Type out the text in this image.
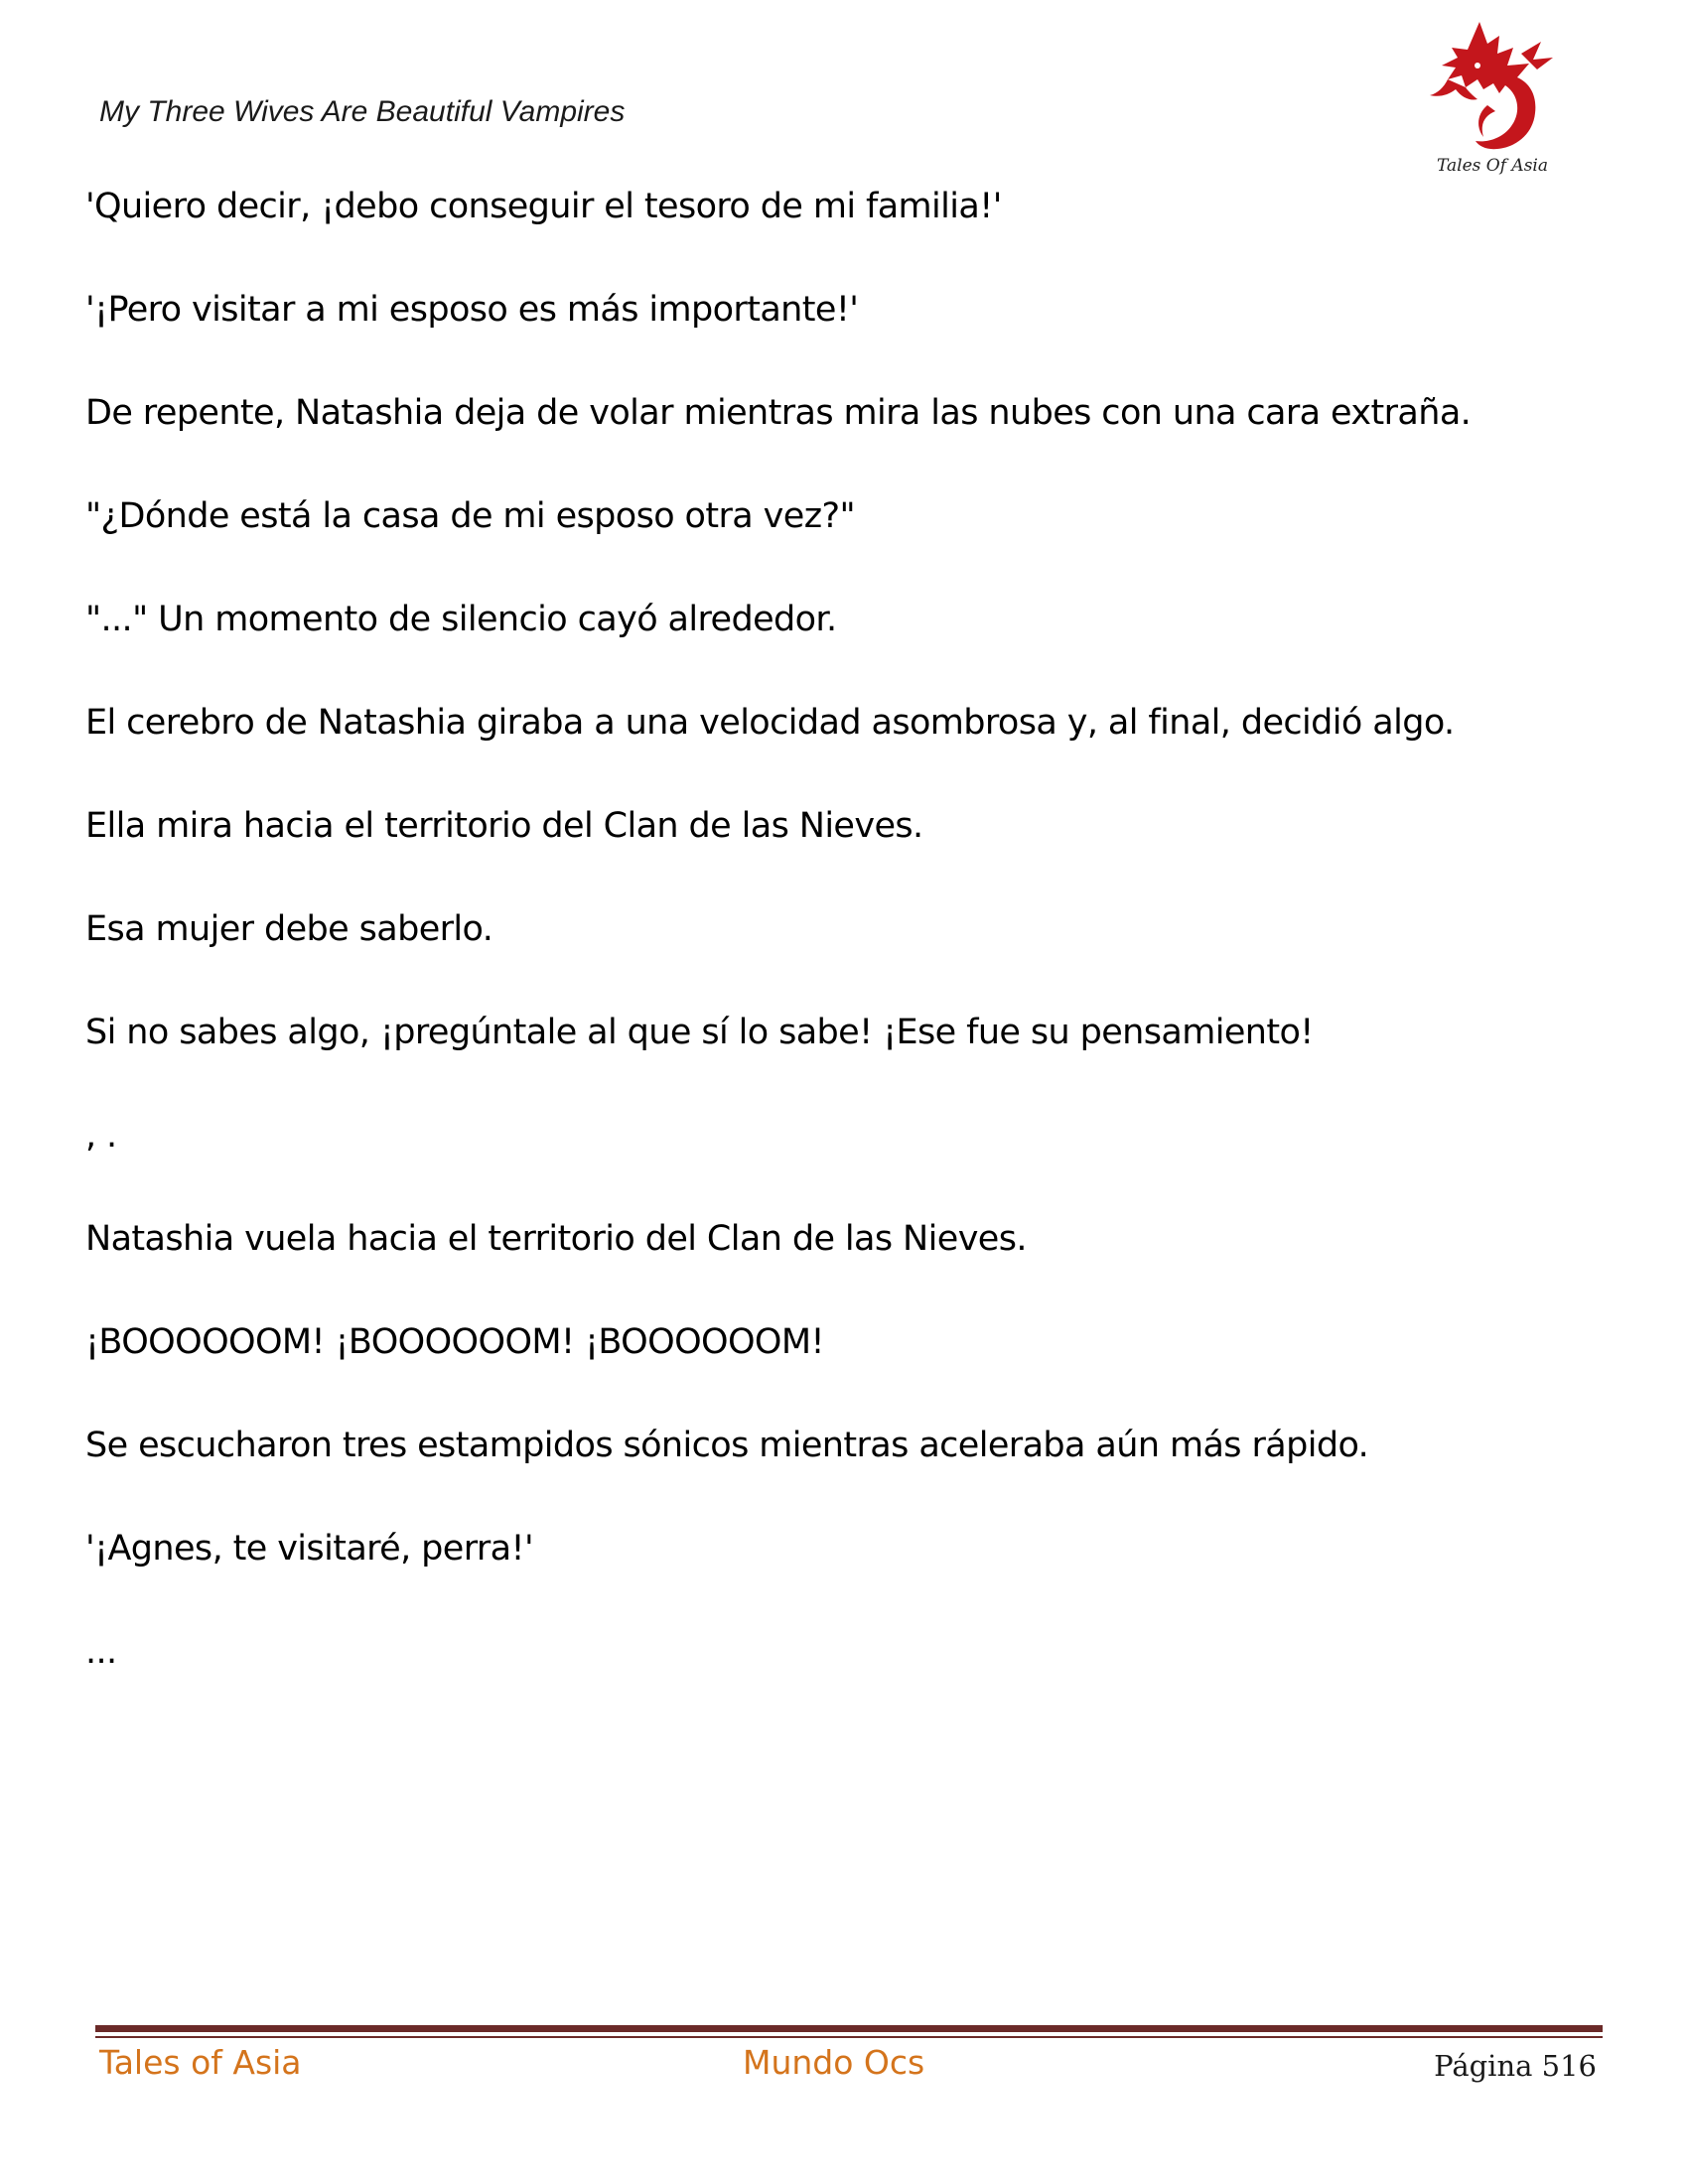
My Three Wives Are Beautiful Vampires
Tales Of Asia

'Quiero decir, ¡debo conseguir el tesoro de mi familia!'

'¡Pero visitar a mi esposo es más importante!'

De repente, Natashia deja de volar mientras mira las nubes con una cara extraña.

"¿Dónde está la casa de mi esposo otra vez?"

"..." Un momento de silencio cayó alrededor.

El cerebro de Natashia giraba a una velocidad asombrosa y, al final, decidió algo.

Ella mira hacia el territorio del Clan de las Nieves.

Esa mujer debe saberlo.

Si no sabes algo, ¡pregúntale al que sí lo sabe! ¡Ese fue su pensamiento!

, .

Natashia vuela hacia el territorio del Clan de las Nieves.

¡BOOOOOOM! ¡BOOOOOOM! ¡BOOOOOOM!

Se escucharon tres estampidos sónicos mientras aceleraba aún más rápido.

'¡Agnes, te visitaré, perra!'

...

Tales of Asia	Mundo Ocs	Página 516
